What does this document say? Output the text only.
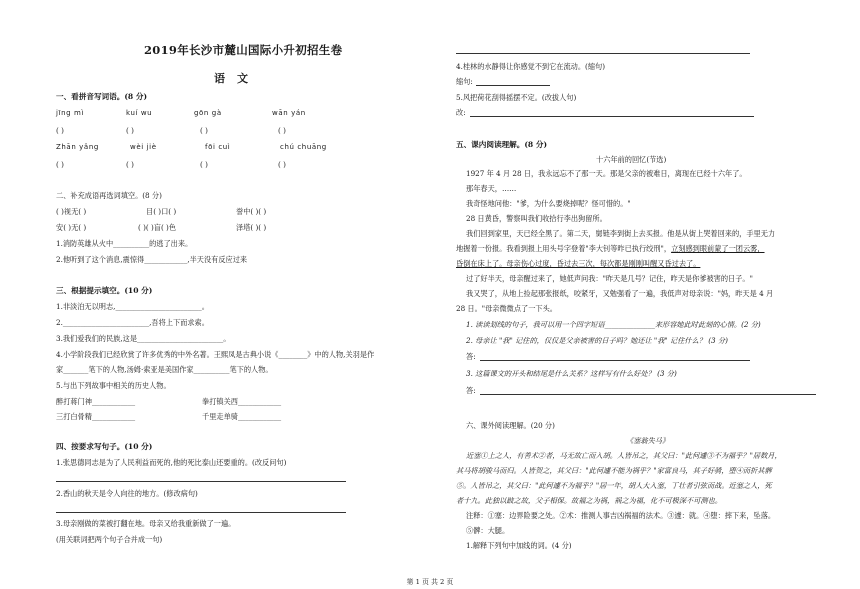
2019年长沙市麓山国际小升初招生卷
语文
一、看拼音写词语。(8 分)
jīng mì	kuí wu	gōn gà	wān yán
( )	( )	( )	( )
Zhān yǎng	wèi jiè	fōi cuì	chú chuāng
( )	( )	( )	( )
二、补充成语再选词填空。(8 分)
( )视无( )	目( )口( )	誉中( )( )
安( )无( )	( )( )盲( )色	泽塔( )( )
1.消防英雄从火中__________的逃了出来。
2.他听到了这个消息,震惊得____________,半天没有反应过来
三、根据提示填空。(10 分)
1.非淡泊无以明志,________________________。
2.________________________,吾将上下而求索。
3.我们爱我们的民族,这是________________________。
4.小学阶段我们已经欣赏了许多优秀的中外名著。王熙凤是古典小说《________》中的人物,关羽是作
家_______笔下的人物,汤姆·索亚是美国作家__________笔下的人物。
5.与出下列故事中相关的历史人物。
醉打蒋门神____________	拳打镇关西____________
三打白骨精____________	千里走单骑____________
四、按要求写句子。(10 分)
1.张思德同志是为了人民利益而死的,他的死比泰山还要重的。(改反问句)
2.香山的秋天是令人向往的地方。(修改病句)
3.母亲刚做的菜被打翻在地。母亲又给我重新做了一遍。
(用关联词把两个句子合并成一句)
4.桂林的水静得让你感觉不到它在流动。(缩句)
缩句:
5.风把荷花刮得摇摆不定。(改拔人句)
改:
五、课内阅读理解。(8 分)
十六年前的回忆(节选)
1927 年 4 月 28 日，我永远忘不了那一天。那是父亲的被难日，离现在已经十六年了。
那年春天，……
我奇怪地问他："爹，为什么要烧掉呢？怪可惜的。"
28 日黄昏，警察叫我们收拾行李出狗留所。
我们回到家里，天已经全黑了。第二天，舅链李到街上去买报。他是从街上哭着回来的，手里无力
地握着一份报。我看到报上用头号字登着"李大钊等昨已执行绞刑"，立刻感到眼前蒙了一团云雾，
昏倒在床上了。母亲伤心过度，昏过去三次，每次都是刚刚叫醒又昏过去了。
过了好半天，母亲醒过来了，她低声问我："昨天是几号？记住，昨天是你爹被害的日子。"
我又哭了，从地上捡起那张报纸，咬紧牙，又勉强看了一遍，我低声对母亲说："妈，昨天是 4 月
28 日。"母亲微微点了一下头。
1. 读读划线的句子，我可以用一个四字短语______________来形容她此时此刻的心情。(2 分)
2. 母亲让 "我" 记住的，仅仅是父亲被害的日子吗？她还让 "我" 记住什么？ (3 分)
答:
3. 这篇课文的开头和结尾是什么关系？这样写有什么好处？ (3 分)
答:
六、课外阅读理解。(20 分)
《塞翁失马》
近塞①上之人，有善术②者，马无故亡而入胡。人皆吊之，其父曰："此何遽③不为福乎？"居数月，
其马将胡骏马而归。人皆贺之，其父曰："此何遽不能为祸乎？"家富良马，其子好骑，堕④而折其髀
⑤。人皆吊之，其父曰："此何遽不为福乎？"居一年，胡人大入塞，丁壮者引弦而战。近塞之人，死
者十九。此独以跛之故，父子相保。故福之为祸，祸之为福，化不可极深不可测也。
注释：①塞：边界险要之处。②术：推测人事吉凶祸福的法术。③遽：就。④堕：摔下来，坠落。
⑤髀：大腿。
1.解释下列句中加线的词。(4 分)
第 1 页 共 2 页
